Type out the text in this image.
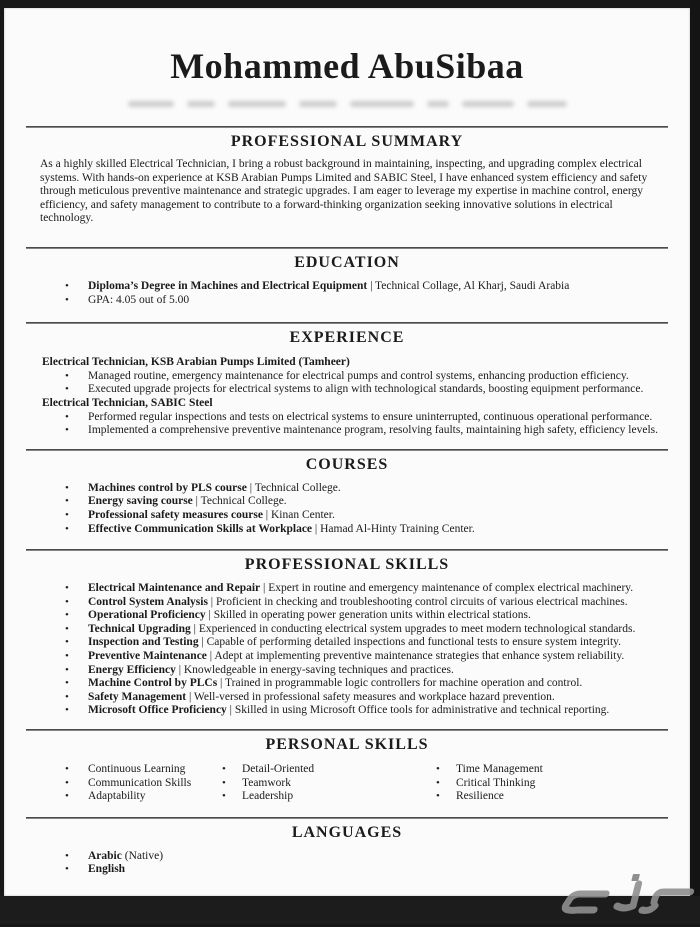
Mohammed AbuSibaa
PROFESSIONAL SUMMARY

As a highly skilled Electrical Technician, I bring a robust background in maintaining, inspecting, and upgrading complex electrical systems. With hands-on experience at KSB Arabian Pumps Limited and SABIC Steel, I have enhanced system efficiency and safety through meticulous preventive maintenance and strategic upgrades. I am eager to leverage my expertise in machine control, energy efficiency, and safety management to contribute to a forward-thinking organization seeking innovative solutions in electrical technology.

EDUCATION
• Diploma’s Degree in Machines and Electrical Equipment | Technical Collage, Al Kharj, Saudi Arabia
• GPA: 4.05 out of 5.00
EXPERIENCE
Electrical Technician, KSB Arabian Pumps Limited (Tamheer)
• Managed routine, emergency maintenance for electrical pumps and control systems, enhancing production efficiency.
• Executed upgrade projects for electrical systems to align with technological standards, boosting equipment performance.
Electrical Technician, SABIC Steel
• Performed regular inspections and tests on electrical systems to ensure uninterrupted, continuous operational performance.
• Implemented a comprehensive preventive maintenance program, resolving faults, maintaining high safety, efficiency levels.
COURSES
• Machines control by PLS course | Technical College.
• Energy saving course | Technical College.
• Professional safety measures course | Kinan Center.
• Effective Communication Skills at Workplace | Hamad Al-Hinty Training Center.
PROFESSIONAL SKILLS
• Electrical Maintenance and Repair | Expert in routine and emergency maintenance of complex electrical machinery.
• Control System Analysis | Proficient in checking and troubleshooting control circuits of various electrical machines.
• Operational Proficiency | Skilled in operating power generation units within electrical stations.
• Technical Upgrading | Experienced in conducting electrical system upgrades to meet modern technological standards.
• Inspection and Testing | Capable of performing detailed inspections and functional tests to ensure system integrity.
• Preventive Maintenance | Adept at implementing preventive maintenance strategies that enhance system reliability.
• Energy Efficiency | Knowledgeable in energy-saving techniques and practices.
• Machine Control by PLCs | Trained in programmable logic controllers for machine operation and control.
• Safety Management | Well-versed in professional safety measures and workplace hazard prevention.
• Microsoft Office Proficiency | Skilled in using Microsoft Office tools for administrative and technical reporting.
PERSONAL SKILLS
• Continuous Learning
• Communication Skills
• Adaptability
• Detail-Oriented
• Teamwork
• Leadership
• Time Management
• Critical Thinking
• Resilience
LANGUAGES
• Arabic (Native)
• English
